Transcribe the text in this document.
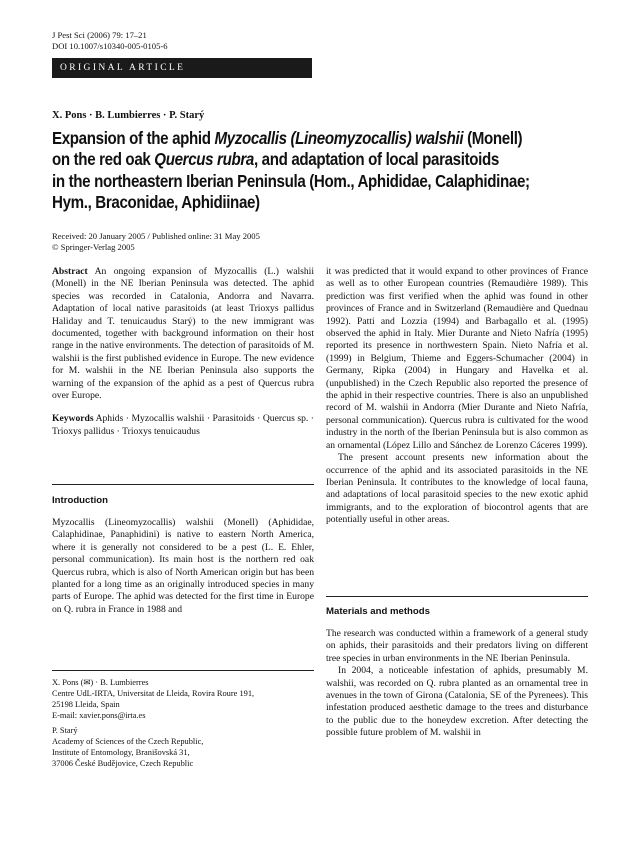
J Pest Sci (2006) 79: 17–21
DOI 10.1007/s10340-005-0105-6
ORIGINAL ARTICLE
X. Pons · B. Lumbierres · P. Starý
Expansion of the aphid Myzocallis (Lineomyzocallis) walshii (Monell)
on the red oak Quercus rubra, and adaptation of local parasitoids
in the northeastern Iberian Peninsula (Hom., Aphididae, Calaphidinae;
Hym., Braconidae, Aphidiinae)
Received: 20 January 2005 / Published online: 31 May 2005
© Springer-Verlag 2005

Abstract An ongoing expansion of Myzocallis (L.) walshii (Monell) in the NE Iberian Peninsula was detected. The aphid species was recorded in Catalonia, Andorra and Navarra. Adaptation of local native parasitoids (at least Trioxys pallidus Haliday and T. tenuicaudus Starý) to the new immigrant was documented, together with background information on their host range in the native environments. The detection of parasitoids of M. walshii is the first published evidence in Europe. The new evidence for M. walshii in the NE Iberian Peninsula also supports the warning of the expansion of the aphid as a pest of Quercus rubra over Europe.

Keywords Aphids · Myzocallis walshii · Parasitoids · Quercus sp. · Trioxys pallidus · Trioxys tenuicaudus

Introduction
Myzocallis (Lineomyzocallis) walshii (Monell) (Aphididae, Calaphidinae, Panaphidini) is native to eastern North America, where it is generally not considered to be a pest (L. E. Ehler, personal communication). Its main host is the northern red oak Quercus rubra, which is also of North American origin but has been planted for a long time as an originally introduced species in many parts of Europe. The aphid was detected for the first time in Europe on Q. rubra in France in 1988 and
X. Pons (✉) · B. Lumbierres
Centre UdL-IRTA, Universitat de Lleida, Rovira Roure 191,
25198 Lleida, Spain
E-mail: xavier.pons@irta.es
P. Starý
Academy of Sciences of the Czech Republic,
Institute of Entomology, Branišovská 31,
37006 České Budějovice, Czech Republic

it was predicted that it would expand to other provinces of France as well as to other European countries (Remaudière 1989). This prediction was first verified when the aphid was found in other provinces of France and in Switzerland (Remaudière and Quednau 1992). Patti and Lozzia (1994) and Barbagallo et al. (1995) observed the aphid in Italy. Mier Durante and Nieto Nafría (1995) reported its presence in northwestern Spain. Nieto Nafría et al. (1999) in Belgium, Thieme and Eggers-Schumacher (2004) in Germany, Ripka (2004) in Hungary and Havelka et al. (unpublished) in the Czech Republic also reported the presence of the aphid in their respective countries. There is also an unpublished record of M. walshii in Andorra (Mier Durante and Nieto Nafría, personal communication). Quercus rubra is cultivated for the wood industry in the north of the Iberian Peninsula but is also common as an ornamental (López Lillo and Sánchez de Lorenzo Cáceres 1999).

The present account presents new information about the occurrence of the aphid and its associated parasitoids in the NE Iberian Peninsula. It contributes to the knowledge of local fauna, and adaptations of local parasitoid species to the new exotic aphid immigrants, and to the exploration of biocontrol agents that are potentially useful in other areas.

Materials and methods
The research was conducted within a framework of a general study on aphids, their parasitoids and their predators living on different tree species in urban environments in the NE Iberian Peninsula.
In 2004, a noticeable infestation of aphids, presumably M. walshii, was recorded on Q. rubra planted as an ornamental tree in avenues in the town of Girona (Catalonia, SE of the Pyrenees). This infestation produced aesthetic damage to the trees and disturbance to the public due to the honeydew excretion. After detecting the possible future problem of M. walshii in
